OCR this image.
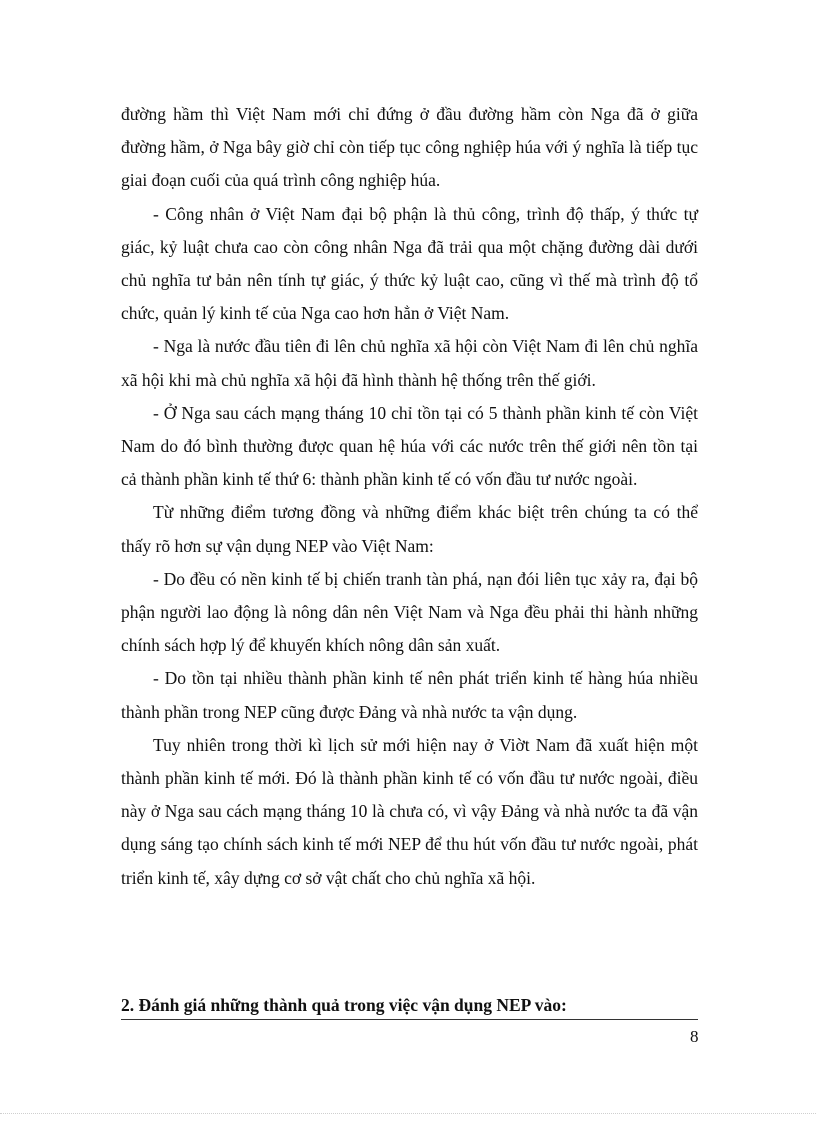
đường hầm thì Việt Nam mới chỉ đứng ở đầu đường hầm còn Nga đã ở giữa đường hầm, ở Nga bây giờ chỉ còn tiếp tục công nghiệp húa với ý nghĩa là tiếp tục giai đoạn cuối của quá trình công nghiệp húa.

- Công nhân ở Việt Nam đại bộ phận là thủ công, trình độ thấp, ý thức tự giác, kỷ luật chưa cao còn công nhân Nga đã trải qua một chặng đường dài dưới chủ nghĩa tư bản nên tính tự giác, ý thức kỷ luật cao, cũng vì thế mà trình độ tổ chức, quản lý kinh tế của Nga cao hơn hẳn ở Việt Nam.

- Nga là nước đầu tiên đi lên chủ nghĩa xã hội còn Việt Nam đi lên chủ nghĩa xã hội khi mà chủ nghĩa xã hội đã hình thành hệ thống trên thế giới.

- Ở Nga sau cách mạng tháng 10 chỉ tồn tại có 5 thành phần kinh tế còn Việt Nam do đó bình thường được quan hệ húa với các nước trên thế giới nên tồn tại cả thành phần kinh tế thứ 6: thành phần kinh tế có vốn đầu tư nước ngoài.

Từ những điểm tương đồng và những điểm khác biệt trên chúng ta có thể thấy rõ hơn sự vận dụng NEP vào Việt Nam:

- Do đều có nền kinh tế bị chiến tranh tàn phá, nạn đói liên tục xảy ra, đại bộ phận người lao động là nông dân nên Việt Nam và Nga đều phải thi hành những chính sách hợp lý để khuyến khích nông dân sản xuất.

- Do tồn tại nhiều thành phần kinh tế nên phát triển kinh tế hàng húa nhiều thành phần trong NEP cũng được Đảng và nhà nước ta vận dụng.

Tuy nhiên trong thời kì lịch sử mới hiện nay ở Viờt Nam đã xuất hiện một thành phần kinh tế mới. Đó là thành phần kinh tế có vốn đầu tư nước ngoài, điều này ở Nga sau cách mạng tháng 10 là chưa có, vì vậy Đảng và nhà nước ta đã vận dụng sáng tạo chính sách kinh tế mới NEP để thu hút vốn đầu tư nước ngoài, phát triển kinh tế, xây dựng cơ sở vật chất cho chủ nghĩa xã hội.

2. Đánh giá những thành quả trong việc vận dụng NEP vào:

8
